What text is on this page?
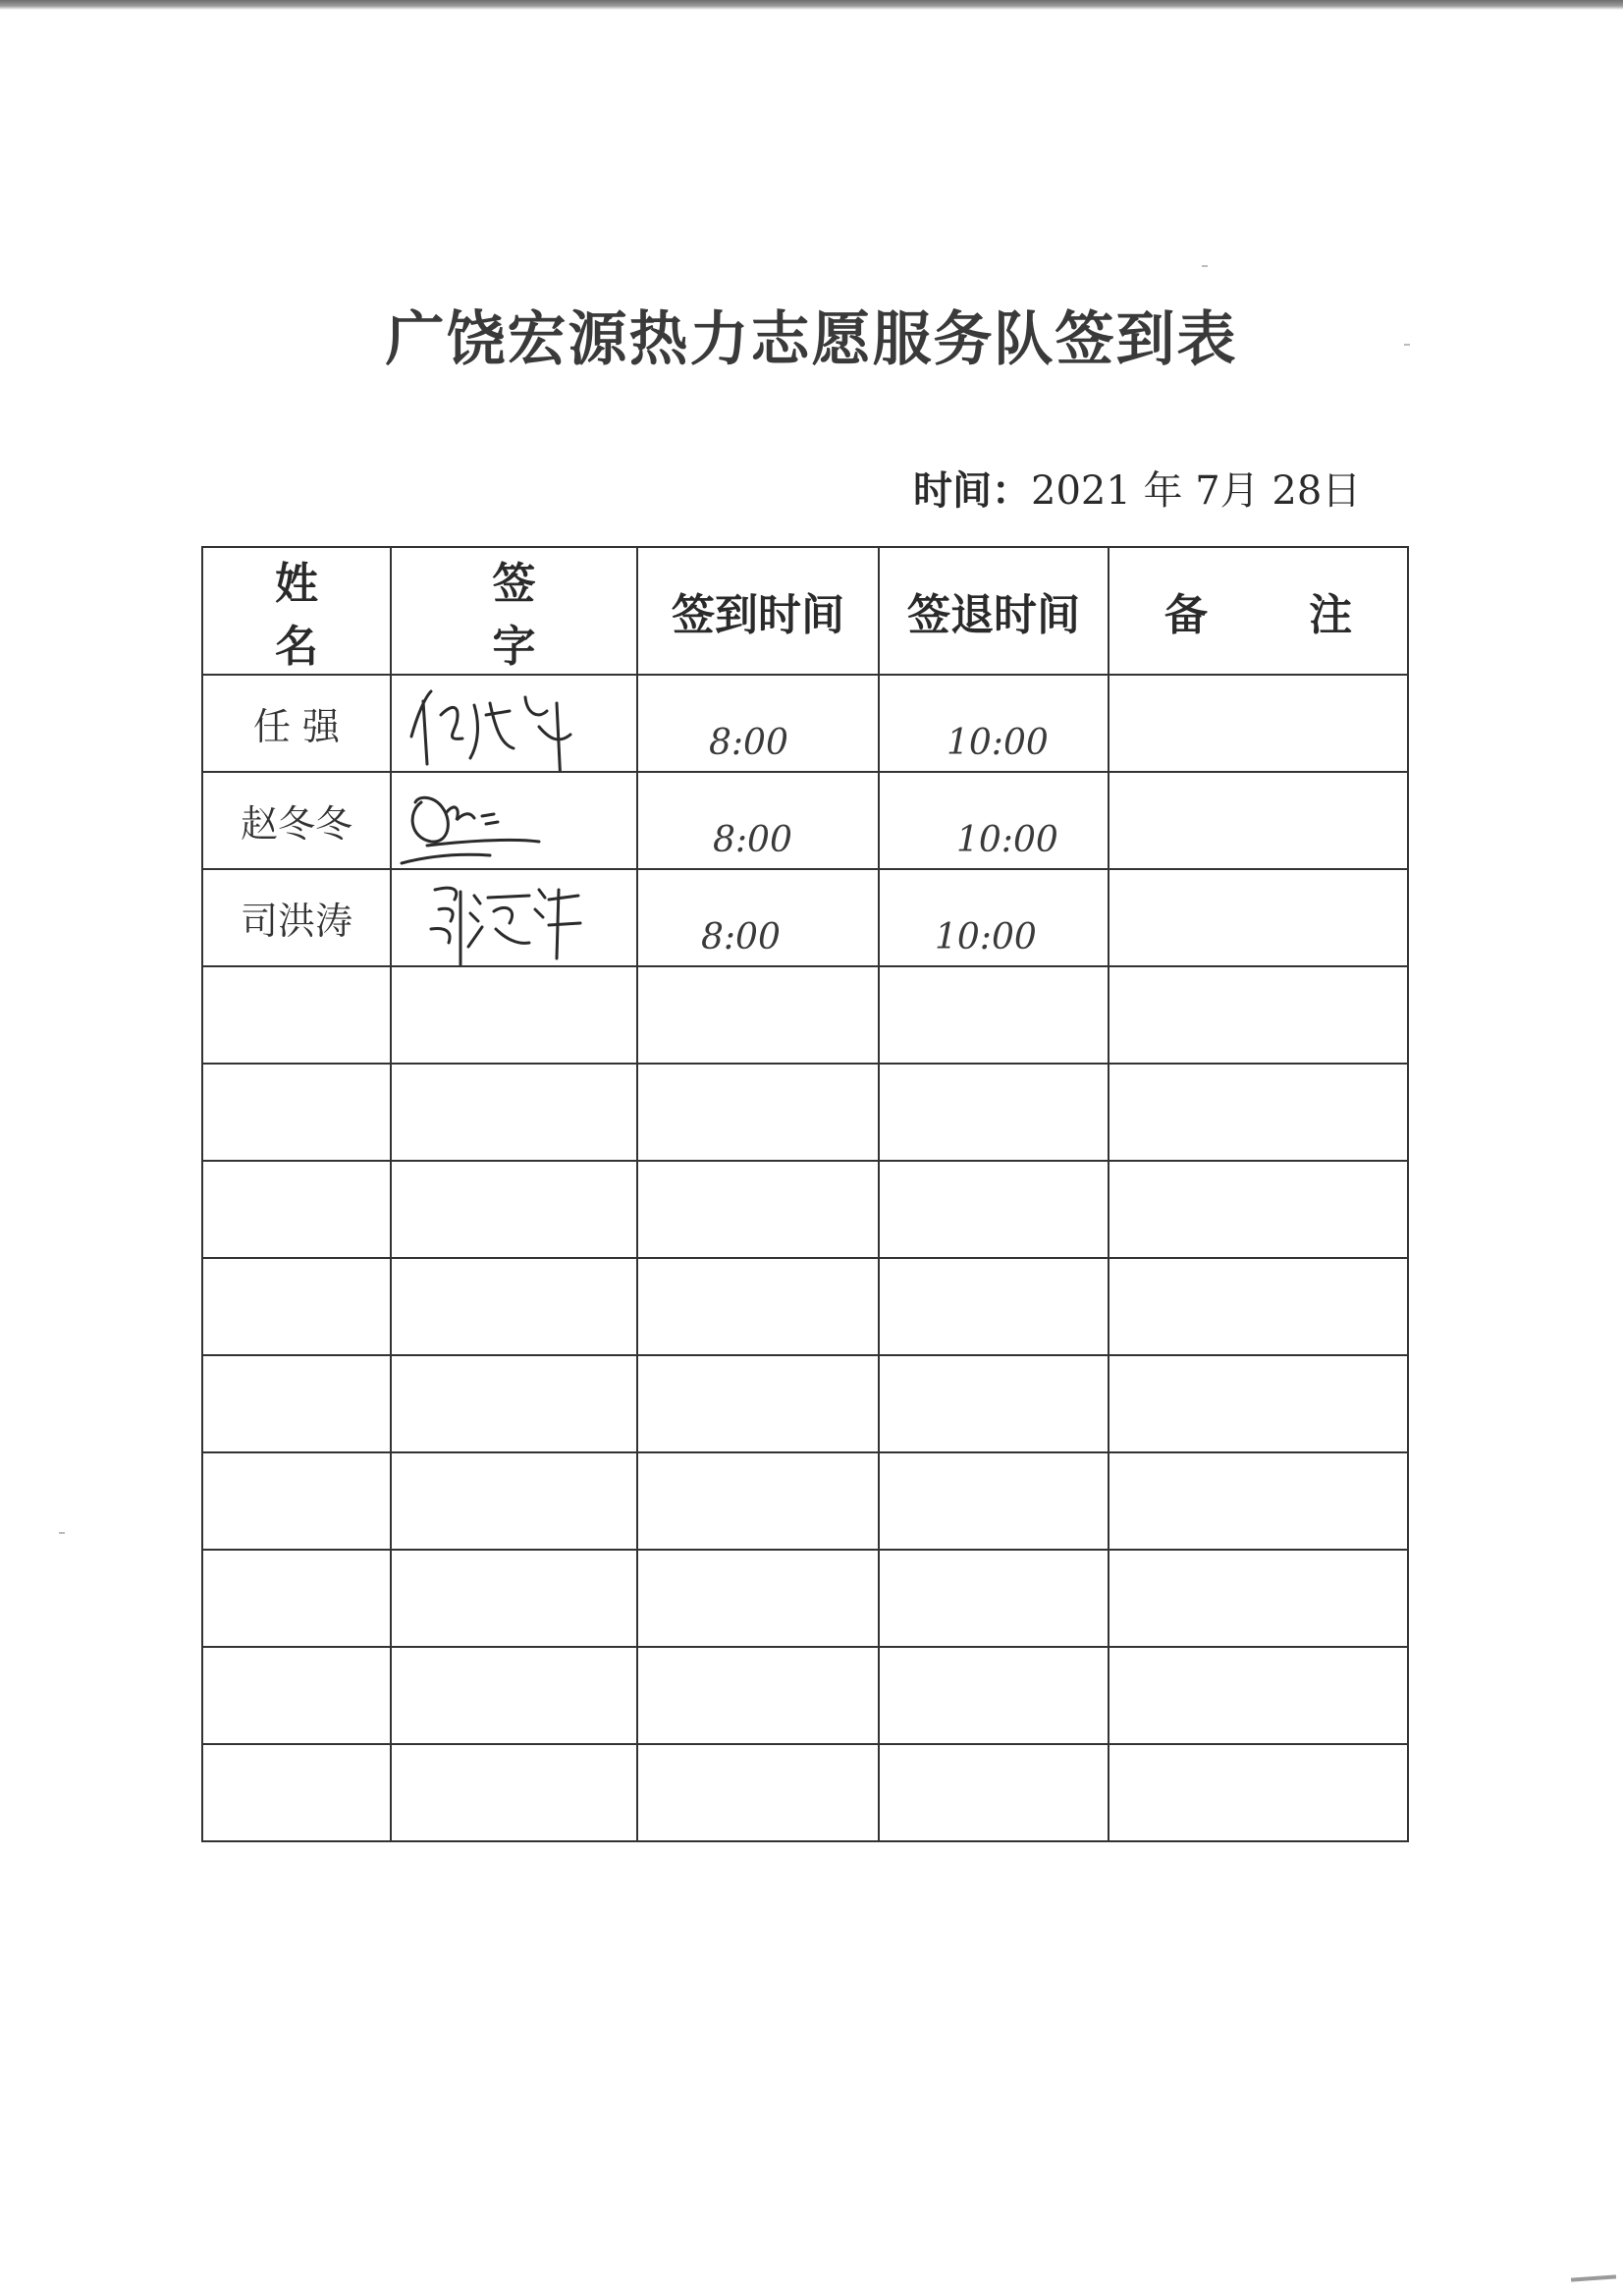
广饶宏源热力志愿服务队签到表
时间：2021 年 7月 28日
姓 名	签 字	签到时间	签退时间	备 注
任 强		8:00	10:00	

赵冬冬		8:00	10:00	

司洪涛		8:00	10:00	
